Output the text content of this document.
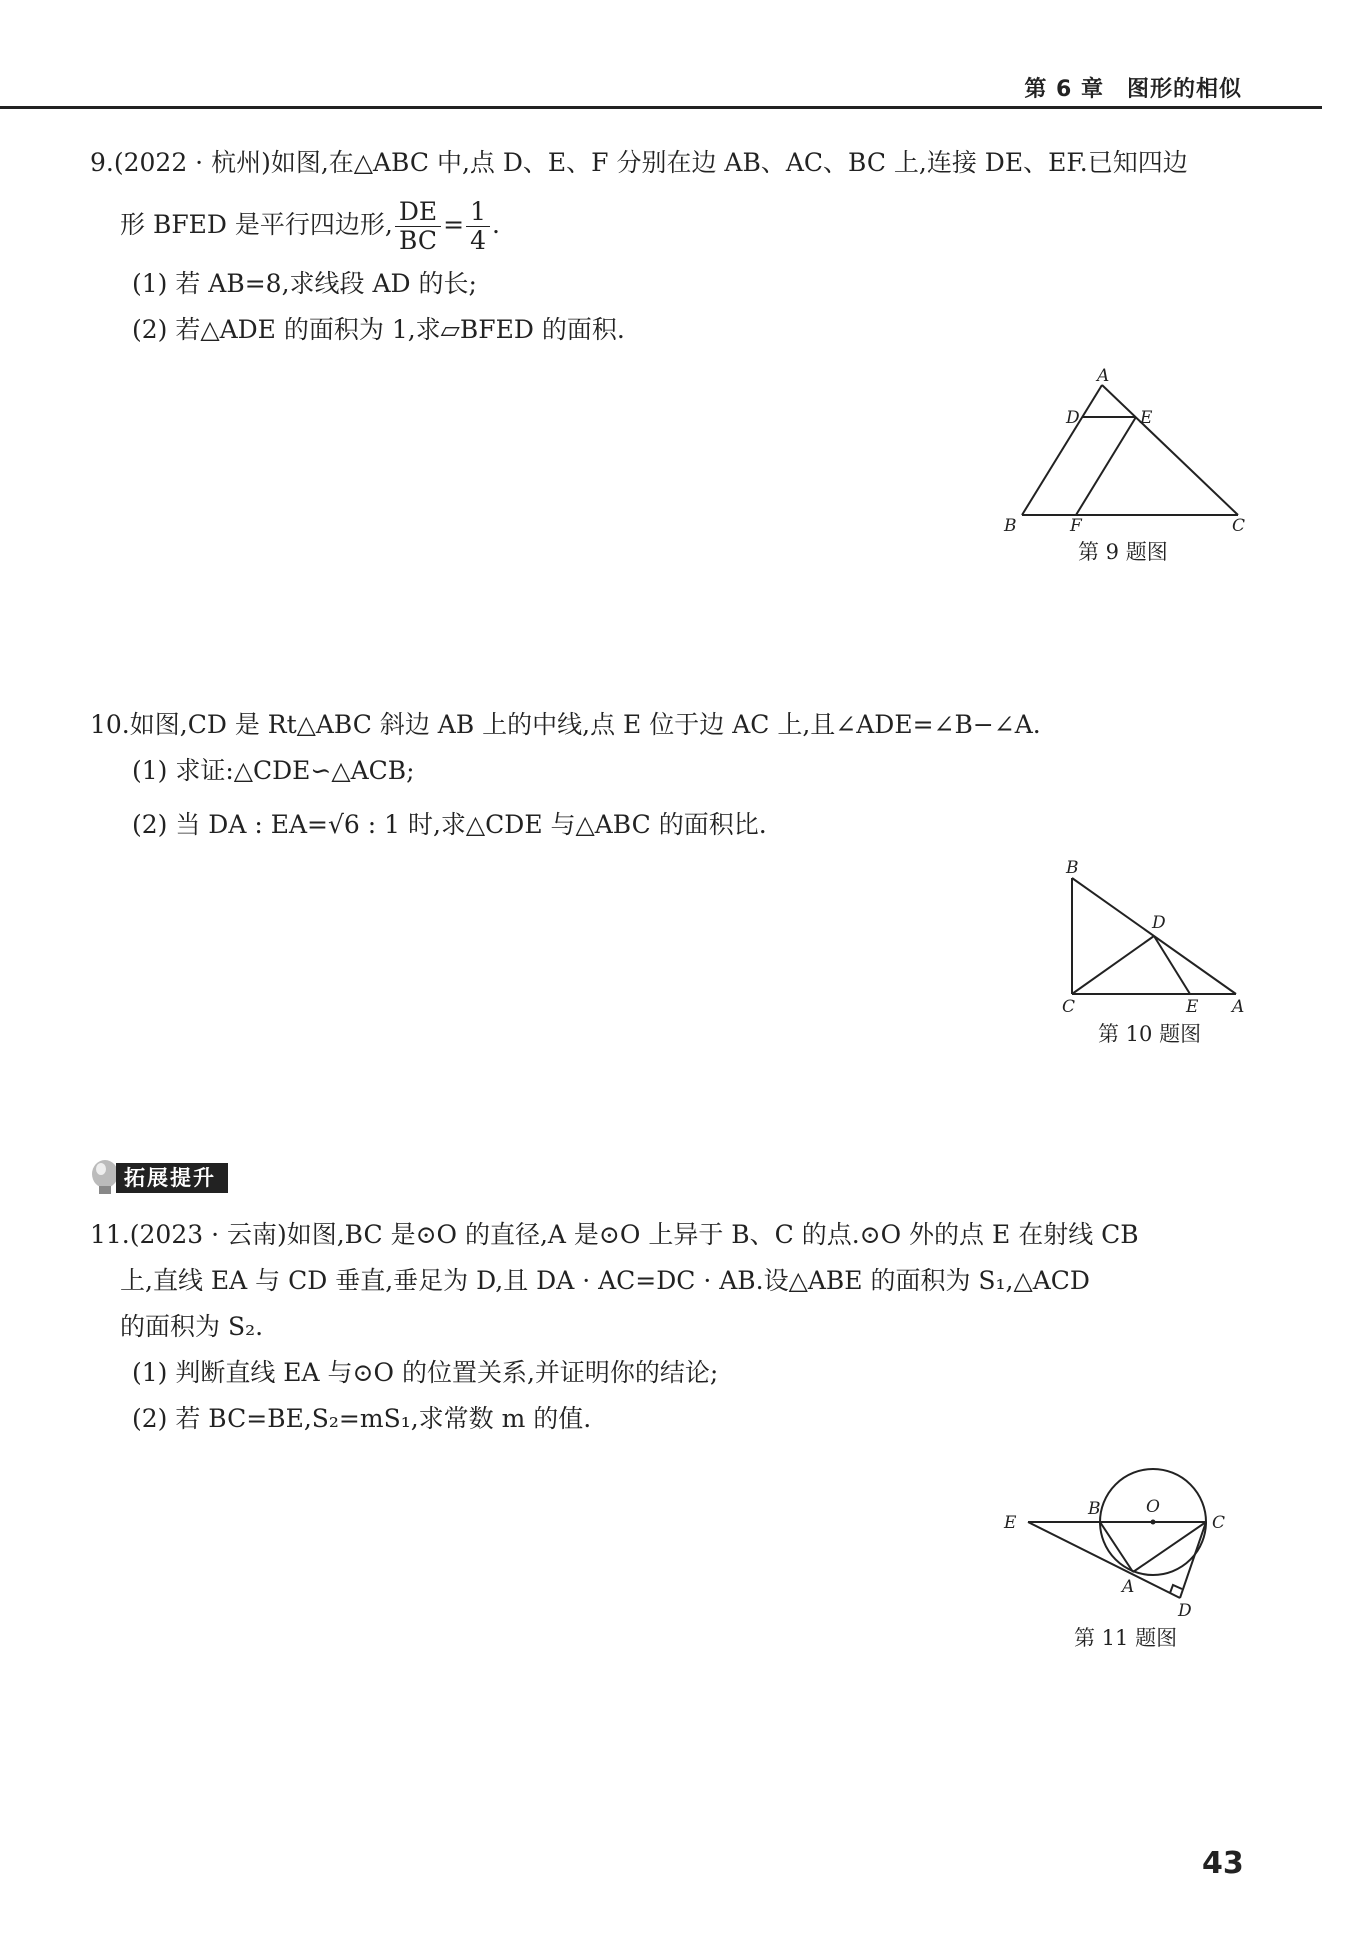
第 6 章　图形的相似
9.(2022 · 杭州)如图,在△ABC 中,点 D、E、F 分别在边 AB、AC、BC 上,连接 DE、EF.已知四边
形 BFED 是平行四边形, $\frac{DE}{BC} = \frac{1}{4}$ .
(1) 若 AB=8,求线段 AD 的长;
(2) 若△ADE 的面积为 1,求▱BFED 的面积.
A
B	C
D	E
F
第 9 题图
10.如图,CD 是 Rt△ABC 斜边 AB 上的中线,点 E 位于边 AC 上,且∠ADE=∠B−∠A.
(1) 求证:△CDE∽△ACB;
(2) 当 DA : EA=√6 : 1 时,求△CDE 与△ABC 的面积比.
B
C	A
D
E
第 10 题图
拓展提升
11.(2023 · 云南)如图,BC 是⊙O 的直径,A 是⊙O 上异于 B、C 的点.⊙O 外的点 E 在射线 CB
上,直线 EA 与 CD 垂直,垂足为 D,且 DA · AC=DC · AB.设△ABE 的面积为 S₁,△ACD
的面积为 S₂.
(1) 判断直线 EA 与⊙O 的位置关系,并证明你的结论;
(2) 若 BC=BE,S₂=mS₁,求常数 m 的值.
E
B	O
C
A
D
第 11 题图
43
